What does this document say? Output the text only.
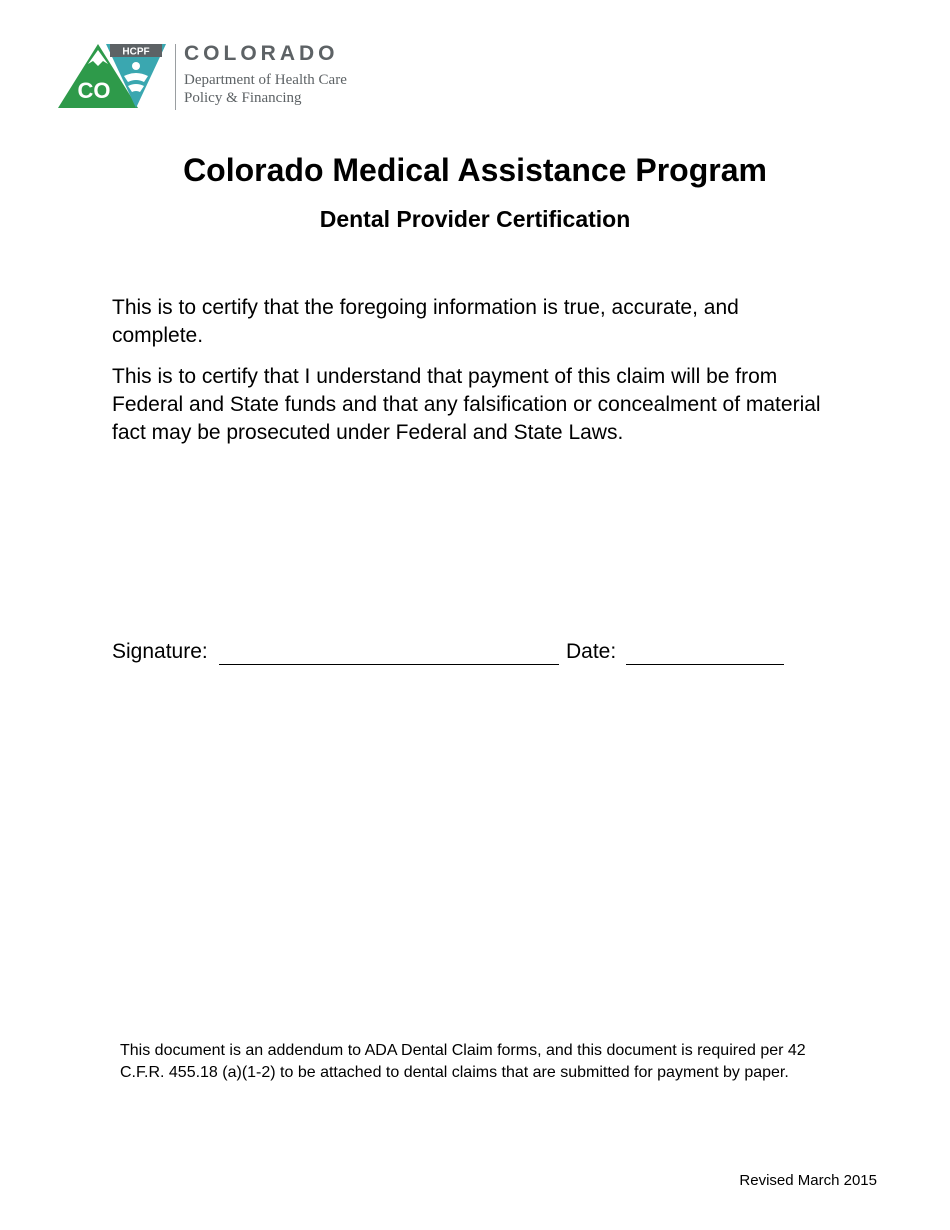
HCPF
CO
COLORADO
Department of Health Care
Policy & Financing
Colorado Medical Assistance Program
Dental Provider Certification
This is to certify that the foregoing information is true, accurate, and complete.
This is to certify that I understand that payment of this claim will be from Federal and State funds and that any falsification or concealment of material fact may be prosecuted under Federal and State Laws.
Signature:	Date:
This document is an addendum to ADA Dental Claim forms, and this document is required per 42 C.F.R. 455.18 (a)(1-2) to be attached to dental claims that are submitted for payment by paper.
Revised March 2015
